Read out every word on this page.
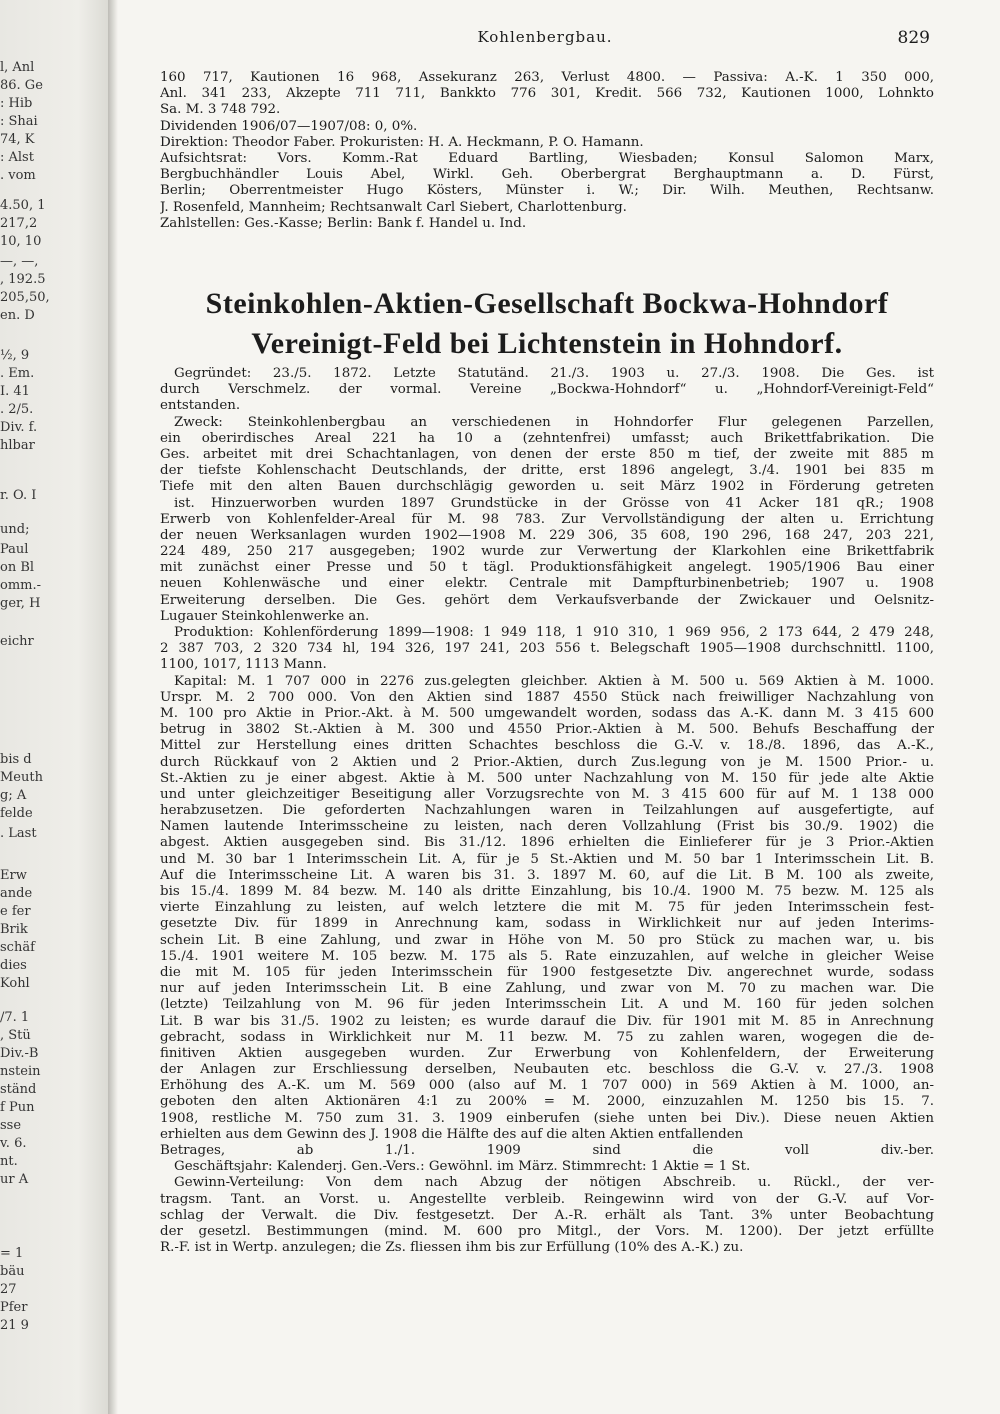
l, Anl
86. Ge
: Hib
: Shai
74, K
: Alst
. vom
4.50, 1
217,2
10, 10
—, —,
, 192.5
205,50,
en. D
½, 9
. Em.
I. 41
. 2/5.
Div. f.
hlbar
r. O. I
und;
Paul
on Bl
omm.-
ger, H
eichr
bis d
Meuth
g; A
felde
. Last
Erw
ande
e fer
Brik
schäf
dies
Kohl
/7. 1
, Stü
Div.-B
nstein
ständ
f Pun
sse
v. 6.
nt.
ur A
= 1
bäu
27
Pfer
21 9
Kohlenbergbau.	829
160 717, Kautionen 16 968, Assekuranz 263, Verlust 4800. — Passiva: A.-K. 1 350 000,
Anl. 341 233, Akzepte 711 711, Bankkto 776 301, Kredit. 566 732, Kautionen 1000, Lohnkto
Sa. M. 3 748 792.
Dividenden 1906/07—1907/08: 0, 0%.
Direktion: Theodor Faber. Prokuristen: H. A. Heckmann, P. O. Hamann.
Aufsichtsrat: Vors. Komm.-Rat Eduard Bartling, Wiesbaden; Konsul Salomon Marx,
Bergbuchhändler Louis Abel, Wirkl. Geh. Oberbergrat Berghauptmann a. D. Fürst,
Berlin; Oberrentmeister Hugo Kösters, Münster i. W.; Dir. Wilh. Meuthen, Rechtsanw.
J. Rosenfeld, Mannheim; Rechtsanwalt Carl Siebert, Charlottenburg.
Zahlstellen: Ges.-Kasse; Berlin: Bank f. Handel u. Ind.
Steinkohlen-Aktien-Gesellschaft Bockwa-Hohndorf
Vereinigt-Feld bei Lichtenstein in Hohndorf.
Gegründet: 23./5. 1872. Letzte Statutänd. 21./3. 1903 u. 27./3. 1908. Die Ges. ist
durch Verschmelz. der vormal. Vereine „Bockwa-Hohndorf“ u. „Hohndorf-Vereinigt-Feld“
entstanden.
Zweck: Steinkohlenbergbau an verschiedenen in Hohndorfer Flur gelegenen Parzellen,
ein oberirdisches Areal 221 ha 10 a (zehntenfrei) umfasst; auch Brikettfabrikation. Die
Ges. arbeitet mit drei Schachtanlagen, von denen der erste 850 m tief, der zweite mit 885 m
der tiefste Kohlenschacht Deutschlands, der dritte, erst 1896 angelegt, 3./4. 1901 bei 835 m
Tiefe mit den alten Bauen durchschlägig geworden u. seit März 1902 in Förderung getreten
ist. Hinzuerworben wurden 1897 Grundstücke in der Grösse von 41 Acker 181 qR.; 1908
Erwerb von Kohlenfelder-Areal für M. 98 783. Zur Vervollständigung der alten u. Errichtung
der neuen Werksanlagen wurden 1902—1908 M. 229 306, 35 608, 190 296, 168 247, 203 221,
224 489, 250 217 ausgegeben; 1902 wurde zur Verwertung der Klarkohlen eine Brikettfabrik
mit zunächst einer Presse und 50 t tägl. Produktionsfähigkeit angelegt. 1905/1906 Bau einer
neuen Kohlenwäsche und einer elektr. Centrale mit Dampfturbinenbetrieb; 1907 u. 1908
Erweiterung derselben. Die Ges. gehört dem Verkaufsverbande der Zwickauer und Oelsnitz-
Lugauer Steinkohlenwerke an.
Produktion: Kohlenförderung 1899—1908: 1 949 118, 1 910 310, 1 969 956, 2 173 644, 2 479 248,
2 387 703, 2 320 734 hl, 194 326, 197 241, 203 556 t. Belegschaft 1905—1908 durchschnittl. 1100,
1100, 1017, 1113 Mann.
Kapital: M. 1 707 000 in 2276 zus.gelegten gleichber. Aktien à M. 500 u. 569 Aktien à M. 1000.
Urspr. M. 2 700 000. Von den Aktien sind 1887 4550 Stück nach freiwilliger Nachzahlung von
M. 100 pro Aktie in Prior.-Akt. à M. 500 umgewandelt worden, sodass das A.-K. dann M. 3 415 600
betrug in 3802 St.-Aktien à M. 300 und 4550 Prior.-Aktien à M. 500. Behufs Beschaffung der
Mittel zur Herstellung eines dritten Schachtes beschloss die G.-V. v. 18./8. 1896, das A.-K.,
durch Rückkauf von 2 Aktien und 2 Prior.-Aktien, durch Zus.legung von je M. 1500 Prior.- u.
St.-Aktien zu je einer abgest. Aktie à M. 500 unter Nachzahlung von M. 150 für jede alte Aktie
und unter gleichzeitiger Beseitigung aller Vorzugsrechte von M. 3 415 600 für auf M. 1 138 000
herabzusetzen. Die geforderten Nachzahlungen waren in Teilzahlungen auf ausgefertigte, auf
Namen lautende Interimsscheine zu leisten, nach deren Vollzahlung (Frist bis 30./9. 1902) die
abgest. Aktien ausgegeben sind. Bis 31./12. 1896 erhielten die Einlieferer für je 3 Prior.-Aktien
und M. 30 bar 1 Interimsschein Lit. A, für je 5 St.-Aktien und M. 50 bar 1 Interimsschein Lit. B.
Auf die Interimsscheine Lit. A waren bis 31. 3. 1897 M. 60, auf die Lit. B M. 100 als zweite,
bis 15./4. 1899 M. 84 bezw. M. 140 als dritte Einzahlung, bis 10./4. 1900 M. 75 bezw. M. 125 als
vierte Einzahlung zu leisten, auf welch letztere die mit M. 75 für jeden Interimsschein fest-
gesetzte Div. für 1899 in Anrechnung kam, sodass in Wirklichkeit nur auf jeden Interims-
schein Lit. B eine Zahlung, und zwar in Höhe von M. 50 pro Stück zu machen war, u. bis
15./4. 1901 weitere M. 105 bezw. M. 175 als 5. Rate einzuzahlen, auf welche in gleicher Weise
die mit M. 105 für jeden Interimsschein für 1900 festgesetzte Div. angerechnet wurde, sodass
nur auf jeden Interimsschein Lit. B eine Zahlung, und zwar von M. 70 zu machen war. Die
(letzte) Teilzahlung von M. 96 für jeden Interimsschein Lit. A und M. 160 für jeden solchen
Lit. B war bis 31./5. 1902 zu leisten; es wurde darauf die Div. für 1901 mit M. 85 in Anrechnung
gebracht, sodass in Wirklichkeit nur M. 11 bezw. M. 75 zu zahlen waren, wogegen die de-
finitiven Aktien ausgegeben wurden. Zur Erwerbung von Kohlenfeldern, der Erweiterung
der Anlagen zur Erschliessung derselben, Neubauten etc. beschloss die G.-V. v. 27./3. 1908
Erhöhung des A.-K. um M. 569 000 (also auf M. 1 707 000) in 569 Aktien à M. 1000, an-
geboten den alten Aktionären 4:1 zu 200% = M. 2000, einzuzahlen M. 1250 bis 15. 7.
1908, restliche M. 750 zum 31. 3. 1909 einberufen (siehe unten bei Div.). Diese neuen Aktien
erhielten aus dem Gewinn des J. 1908 die Hälfte des auf die alten Aktien entfallenden
Betrages, ab 1./1. 1909 sind die voll div.-ber.
Geschäftsjahr: Kalenderj. Gen.-Vers.: Gewöhnl. im März. Stimmrecht: 1 Aktie = 1 St.
Gewinn-Verteilung: Von dem nach Abzug der nötigen Abschreib. u. Rückl., der ver-
tragsm. Tant. an Vorst. u. Angestellte verbleib. Reingewinn wird von der G.-V. auf Vor-
schlag der Verwalt. die Div. festgesetzt. Der A.-R. erhält als Tant. 3% unter Beobachtung
der gesetzl. Bestimmungen (mind. M. 600 pro Mitgl., der Vors. M. 1200). Der jetzt erfüllte
R.-F. ist in Wertp. anzulegen; die Zs. fliessen ihm bis zur Erfüllung (10% des A.-K.) zu.
